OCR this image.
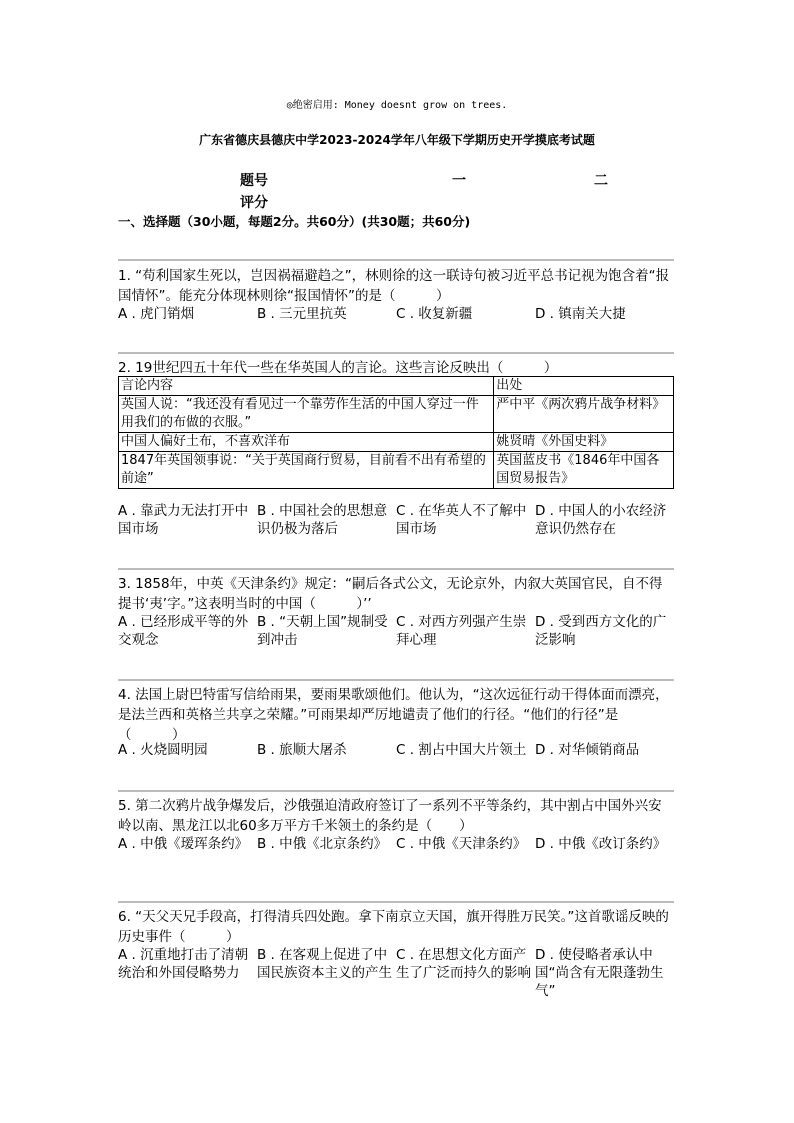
◎绝密启用: Money doesnt grow on trees.
广东省德庆县德庆中学2023-2024学年八年级下学期历史开学摸底考试题
题号	一	二
评分
一、选择题（30小题，每题2分。共60分）(共30题；共60分)
1. “苟利国家生死以，岂因祸福避趋之”，林则徐的这一联诗句被习近平总书记视为饱含着“报国情怀”。能充分体现林则徐“报国情怀”的是（　　　）
A . 虎门销烟	B . 三元里抗英	C . 收复新疆	D . 镇南关大捷
2. 19世纪四五十年代一些在华英国人的言论。这些言论反映出（　　　）
言论内容	出处
英国人说：“我还没有看见过一个靠劳作生活的中国人穿过一件用我们的布做的衣服。”	严中平《两次鸦片战争材料》
中国人偏好土布，不喜欢洋布	姚贤晴《外国史料》
1847年英国领事说：“关于英国商行贸易，目前看不出有希望的前途”	英国蓝皮书《1846年中国各国贸易报告》
A . 靠武力无法打开中国市场
B . 中国社会的思想意识仍极为落后
C . 在华英人不了解中国市场
D . 中国人的小农经济意识仍然存在
3. 1858年，中英《天津条约》规定：“嗣后各式公文，无论京外，内叙大英国官民，自不得提书‘夷’字。”这表明当时的中国（　　　）’’
A . 已经形成平等的外交观念
B . “天朝上国”规制受到冲击
C . 对西方列强产生崇拜心理
D . 受到西方文化的广泛影响
4. 法国上尉巴特雷写信给雨果，要雨果歌颂他们。他认为，“这次远征行动干得体面而漂亮，是法兰西和英格兰共享之荣耀。”可雨果却严厉地谴责了他们的行径。“他们的行径”是（　　　）
A . 火烧圆明园	B . 旅顺大屠杀	C . 割占中国大片领土 D . 对华倾销商品
5. 第二次鸦片战争爆发后，沙俄强迫清政府签订了一系列不平等条约，其中割占中国外兴安岭以南、黑龙江以北60多万平方千米领土的条约是（　　）
A . 中俄《瑷珲条约》 B . 中俄《北京条约》 C . 中俄《天津条约》 D . 中俄《改订条约》
6. “天父天兄手段高，打得清兵四处跑。拿下南京立天国，旗开得胜万民笑。”这首歌谣反映的历史事件（　　　）
A . 沉重地打击了清朝统治和外国侵略势力
B . 在客观上促进了中国民族资本主义的产生
C . 在思想文化方面产生了广泛而持久的影响
D . 使侵略者承认中国“尚含有无限蓬勃生气”
